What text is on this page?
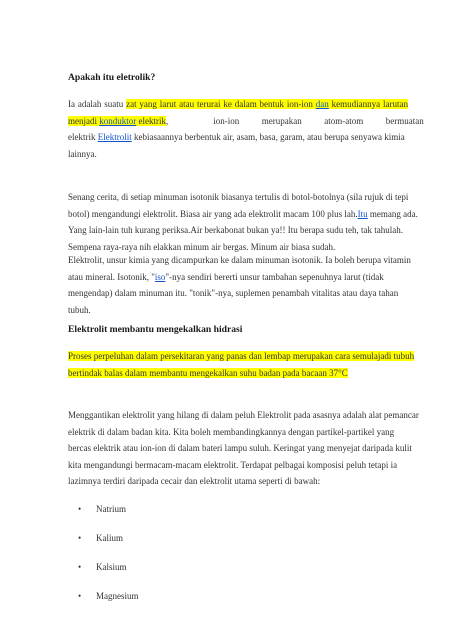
Apakah itu eletrolik?
Ia adalah suatu zat yang larut atau terurai ke dalam bentuk ion-ion dan kemudiannya larutan
menjadi konduktor elektrik,                    ion-ion          merupakan          atom-atom          bermuatan
elektrik Elektrolit kebiasaannya berbentuk air, asam, basa, garam, atau berupa senyawa kimia
lainnya.
Senang cerita, di setiap minuman isotonik biasanya tertulis di botol-botolnya (sila rujuk di tepi
botol) mengandungi elektrolit. Biasa air yang ada elektrolit macam 100 plus lah.Itu memang ada.
Yang lain-lain tuh kurang periksa.Air berkabonat bukan ya!! Itu berapa sudu teh, tak tahulah.
Sempena raya-raya nih elakkan minum air bergas. Minum air biasa sudah.
Elektrolit, unsur kimia yang dicampurkan ke dalam minuman isotonik. Ia boleh berupa vitamin
atau mineral. Isotonik, "iso"-nya sendiri bererti unsur tambahan sepenuhnya larut (tidak
mengendap) dalam minuman itu. "tonik"-nya, suplemen penambah vitalitas atau daya tahan
tubuh.
Elektrolit membantu mengekalkan hidrasi
Proses perpeluhan dalam persekitaran yang panas dan lembap merupakan cara semulajadi tubuh
bertindak balas dalam membantu mengekalkan suhu badan pada bacaan 37°C
Menggantikan elektrolit yang hilang di dalam peluh Elektrolit pada asasnya adalah alat pemancar
elektrik di dalam badan kita. Kita boleh membandingkannya dengan partikel-partikel yang
bercas elektrik atau ion-ion di dalam bateri lampu suluh. Keringat yang menyejat daripada kulit
kita mengandungi bermacam-macam elektrolit. Terdapat pelbagai komposisi peluh tetapi ia
lazimnya terdiri daripada cecair dan elektrolit utama seperti di bawah:
• Natrium
• Kalium
• Kalsium
• Magnesium
